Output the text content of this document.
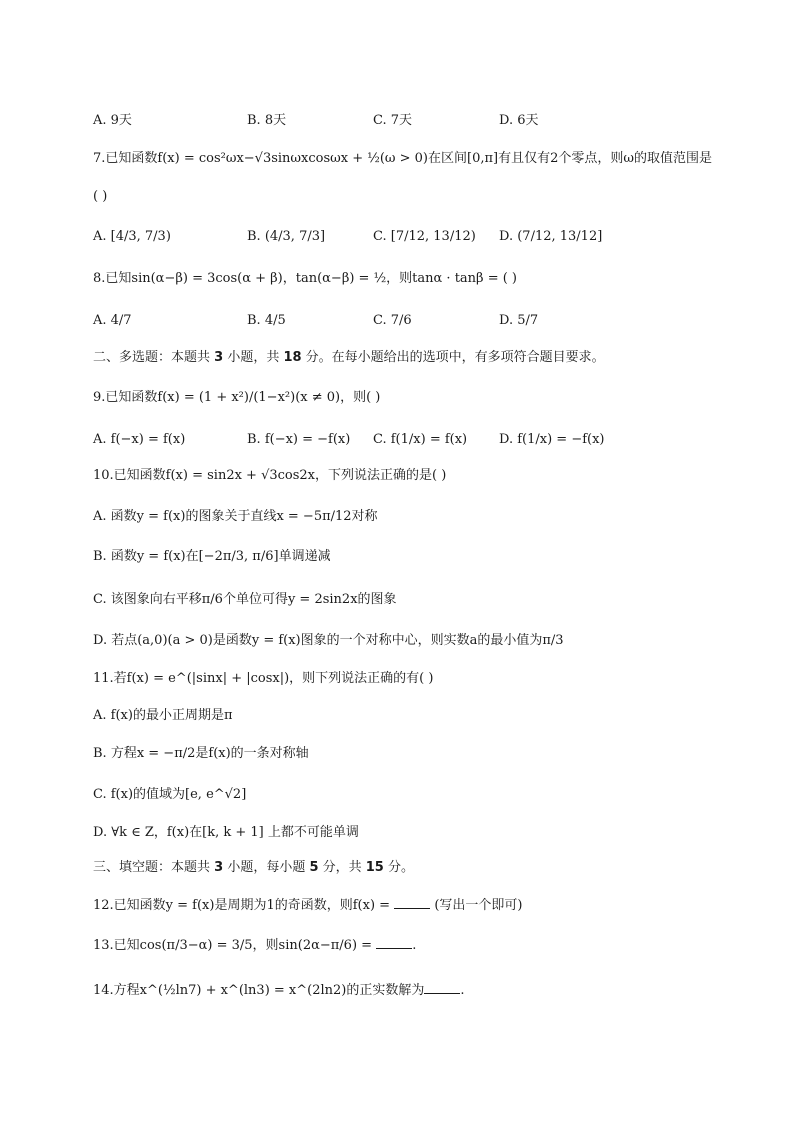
A. 9天	B. 8天	C. 7天	D. 6天
7.已知函数f(x) = cos²ωx−√3sinωxcosωx + ½(ω > 0)在区间[0,π]有且仅有2个零点，则ω的取值范围是
( )
A. [4/3, 7/3)	B. (4/3, 7/3]	C. [7/12, 13/12) D. (7/12, 13/12]
8.已知sin(α−β) = 3cos(α + β)，tan(α−β) = ½，则tanα · tanβ = ( )
A. 4/7	B. 4/5	C. 7/6	D. 5/7
二、多选题：本题共 3 小题，共 18 分。在每小题给出的选项中，有多项符合题目要求。
9.已知函数f(x) = (1 + x²)/(1−x²)(x ≠ 0)，则( )
A. f(−x) = f(x)	B. f(−x) = −f(x) C. f(1/x) = f(x) D. f(1/x) = −f(x)
10.已知函数f(x) = sin2x + √3cos2x，下列说法正确的是( )
A. 函数y = f(x)的图象关于直线x = −5π/12对称
B. 函数y = f(x)在[−2π/3, π/6]单调递减
C. 该图象向右平移π/6个单位可得y = 2sin2x的图象
D. 若点(a,0)(a > 0)是函数y = f(x)图象的一个对称中心，则实数a的最小值为π/3
11.若f(x) = e^(|sinx| + |cosx|)，则下列说法正确的有( )
A. f(x)的最小正周期是π
B. 方程x = −π/2是f(x)的一条对称轴
C. f(x)的值域为[e, e^√2]
D. ∀k ∈ Z，f(x)在[k, k + 1] 上都不可能单调
三、填空题：本题共 3 小题，每小题 5 分，共 15 分。
12.已知函数y = f(x)是周期为1的奇函数，则f(x) =	(写出一个即可)
13.已知cos(π/3−α) = 3/5，则sin(2α−π/6) =	.
14.方程x^(½ln7) + x^(ln3) = x^(2ln2)的正实数解为	.
